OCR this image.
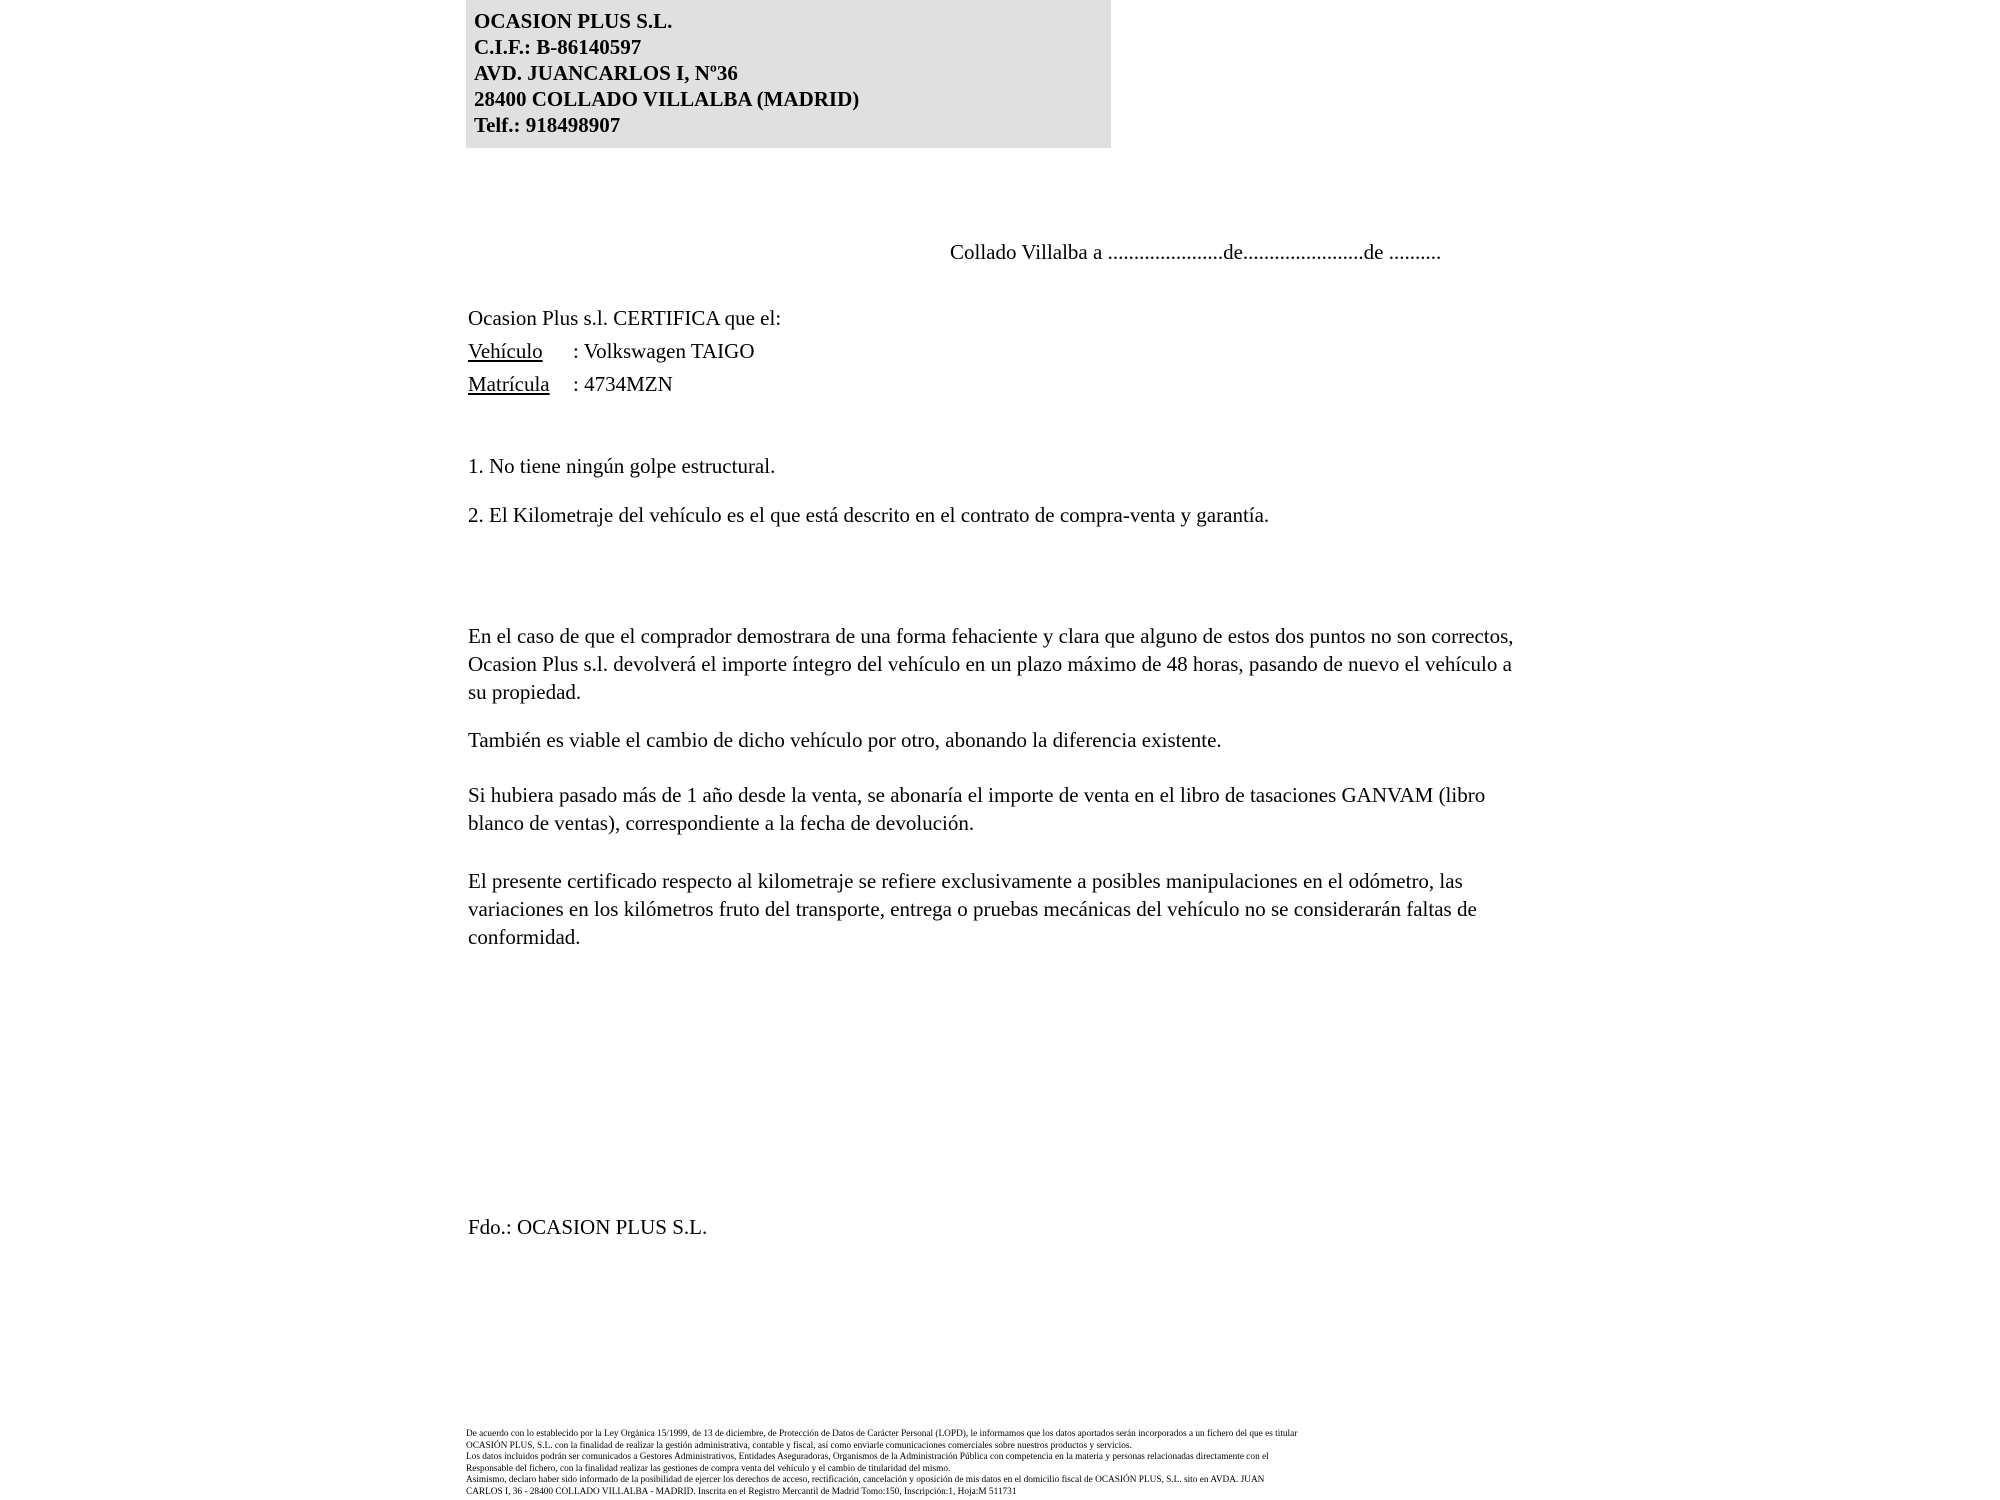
OCASION PLUS S.L.
C.I.F.: B-86140597
AVD. JUANCARLOS I, Nº36
28400 COLLADO VILLALBA (MADRID)
Telf.: 918498907
Collado Villalba a ......................de.......................de ..........
Ocasion Plus s.l. CERTIFICA que el:
Vehículo : Volkswagen TAIGO
Matrícula : 4734MZN
1. No tiene ningún golpe estructural.
2. El Kilometraje del vehículo es el que está descrito en el contrato de compra-venta y garantía.
En el caso de que el comprador demostrara de una forma fehaciente y clara que alguno de estos dos puntos no son correctos, Ocasion Plus s.l. devolverá el importe íntegro del vehículo en un plazo máximo de 48 horas, pasando de nuevo el vehículo a su propiedad.
También es viable el cambio de dicho vehículo por otro, abonando la diferencia existente.
Si hubiera pasado más de 1 año desde la venta, se abonaría el importe de venta en el libro de tasaciones GANVAM (libro blanco de ventas), correspondiente a la fecha de devolución.
El presente certificado respecto al kilometraje se refiere exclusivamente a posibles manipulaciones en el odómetro, las variaciones en los kilómetros fruto del transporte, entrega o pruebas mecánicas del vehículo no se considerarán faltas de conformidad.
Fdo.: OCASION PLUS S.L.

De acuerdo con lo establecido por la Ley Orgánica 15/1999, de 13 de diciembre, de Protección de Datos de Carácter Personal (LOPD), le informamos que los datos aportados serán incorporados a un fichero del que es titular

OCASIÓN PLUS, S.L. con la finalidad de realizar la gestión administrativa, contable y fiscal, así como enviarle comunicaciones comerciales sobre nuestros productos y servicios.

Los datos incluidos podrán ser comunicados a Gestores Administrativos, Entidades Aseguradoras, Organismos de la Administración Pública con competencia en la materia y personas relacionadas directamente con el

Responsable del fichero, con la finalidad realizar las gestiones de compra venta del vehículo y el cambio de titularidad del mismo.

Asimismo, declaro haber sido informado de la posibilidad de ejercer los derechos de acceso, rectificación, cancelación y oposición de mis datos en el domicilio fiscal de OCASIÓN PLUS, S.L. sito en AVDA. JUAN

CARLOS I, 36 - 28400 COLLADO VILLALBA - MADRID. Inscrita en el Registro Mercantil de Madrid Tomo:150, Inscripción:1, Hoja:M 511731
